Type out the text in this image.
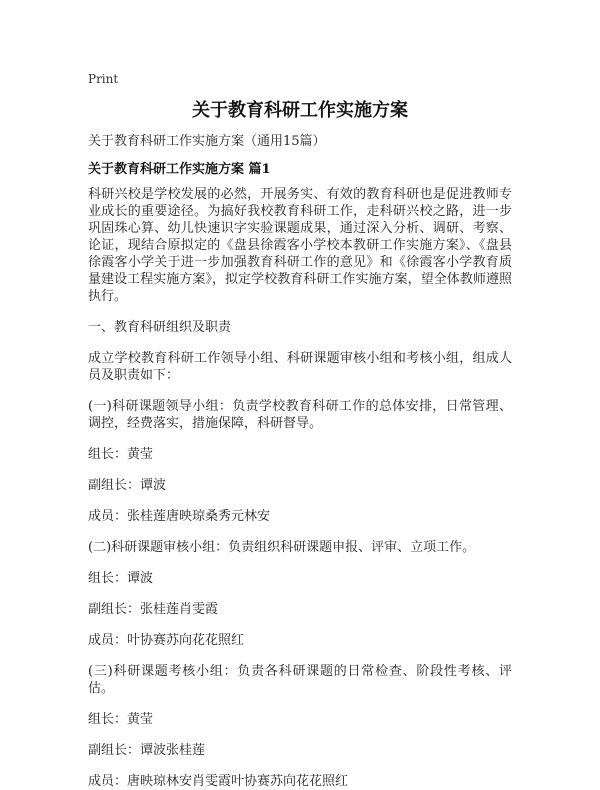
Print
关于教育科研工作实施方案
关于教育科研工作实施方案（通用15篇）
关于教育科研工作实施方案 篇1

科研兴校是学校发展的必然，开展务实、有效的教育科研也是促进教师专业成长的重要途径。为搞好我校教育科研工作，走科研兴校之路，进一步巩固珠心算、幼儿快速识字实验课题成果，通过深入分析、调研、考察、论证，现结合原拟定的《盘县徐霞客小学校本教研工作实施方案》、《盘县徐霞客小学关于进一步加强教育科研工作的意见》和《徐霞客小学教育质量建设工程实施方案》，拟定学校教育科研工作实施方案，望全体教师遵照执行。

一、教育科研组织及职责

成立学校教育科研工作领导小组、科研课题审核小组和考核小组，组成人员及职责如下：

(一)科研课题领导小组：负责学校教育科研工作的总体安排，日常管理、调控，经费落实，措施保障，科研督导。

组长：黄莹

副组长：谭波

成员：张桂莲唐映琼桑秀元林安

(二)科研课题审核小组：负责组织科研课题申报、评审、立项工作。

组长：谭波

副组长：张桂莲肖雯霞

成员：叶协赛苏向花花照红

(三)科研课题考核小组：负责各科研课题的日常检查、阶段性考核、评估。

组长：黄莹

副组长：谭波张桂莲

成员：唐映琼林安肖雯霞叶协赛苏向花花照红
